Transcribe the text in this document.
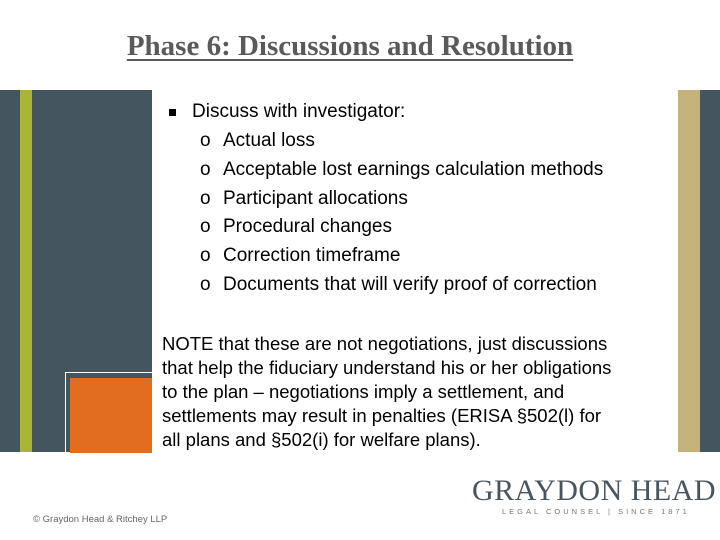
Phase 6: Discussions and Resolution
Discuss with investigator:
o Actual loss
o Acceptable lost earnings calculation methods
o Participant allocations
o Procedural changes
o Correction timeframe
o Documents that will verify proof of correction
NOTE that these are not negotiations, just discussions
that help the fiduciary understand his or her obligations
to the plan – negotiations imply a settlement, and
settlements may result in penalties (ERISA §502(l) for
all plans and §502(i) for welfare plans).
© Graydon Head & Ritchey LLP
GRAYDON HEAD
LEGAL COUNSEL | SINCE 1871
